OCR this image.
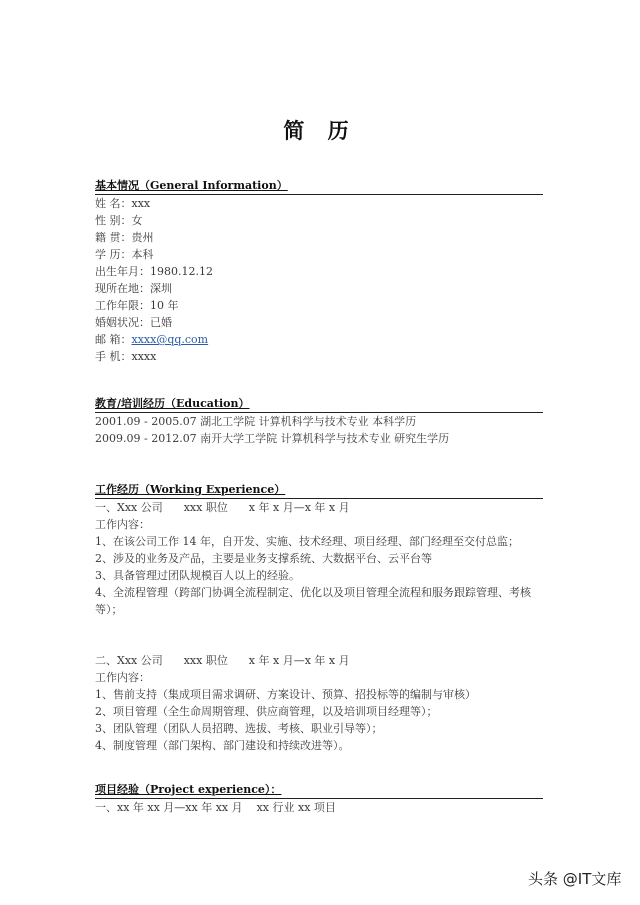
简 历
基本情况（General Information）
姓 名：xxx
性 别：女
籍 贯：贵州
学 历：本科
出生年月：1980.12.12
现所在地：深圳
工作年限：10 年
婚姻状况：已婚
邮 箱：xxxx@qq.com
手 机：xxxx
教育/培训经历（Education）
2001.09 - 2005.07 湖北工学院 计算机科学与技术专业 本科学历
2009.09 - 2012.07 南开大学工学院 计算机科学与技术专业 研究生学历
工作经历（Working Experience）
一、Xxx 公司      xxx 职位      x 年 x 月—x 年 x 月
工作内容：
1、在该公司工作 14 年，自开发、实施、技术经理、项目经理、部门经理至交付总监；
2、涉及的业务及产品，主要是业务支撑系统、大数据平台、云平台等
3、具备管理过团队规模百人以上的经验。
4、全流程管理（跨部门协调全流程制定、优化以及项目管理全流程和服务跟踪管理、考核等）；
二、Xxx 公司      xxx 职位      x 年 x 月—x 年 x 月
工作内容：
1、售前支持（集成项目需求调研、方案设计、预算、招投标等的编制与审核）
2、项目管理（全生命周期管理、供应商管理，以及培训项目经理等）；
3、团队管理（团队人员招聘、选拔、考核、职业引导等）；
4、制度管理（部门架构、部门建设和持续改进等）。
项目经验（Project experience）：
一、xx 年 xx 月—xx 年 xx 月    xx 行业 xx 项目
头条 @IT文库
